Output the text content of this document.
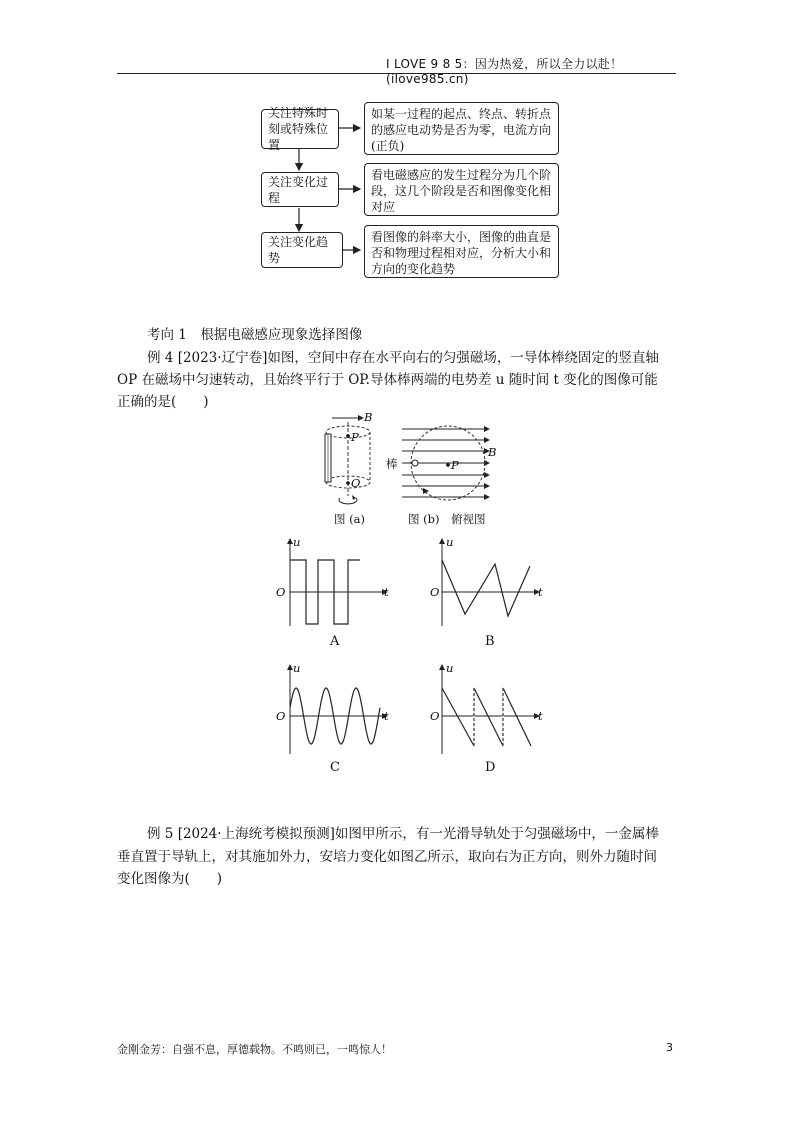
I LOVE 9 8 5：因为热爱，所以全力以赴！(ilove985.cn)
关注特殊时刻或特殊位置
如某一过程的起点、终点、转折点的感应电动势是否为零，电流方向(正负)
关注变化过程
看电磁感应的发生过程分为几个阶段，这几个阶段是否和图像变化相对应
关注变化趋势
看图像的斜率大小，图像的曲直是否和物理过程相对应，分析大小和方向的变化趋势
考向 1　根据电磁感应现象选择图像
例 4 [2023·辽宁卷]如图，空间中存在水平向右的匀强磁场，一导体棒绕固定的竖直轴
OP 在磁场中匀速转动，且始终平行于 OP.导体棒两端的电势差 u 随时间 t 变化的图像可能
正确的是(　　)
B
P
O
图 (a)
棒
B
P
图 (b)　俯视图
u
O	t
A
u
O	t
B
u
O	t
C
u
O	t
D
例 5 [2024·上海统考模拟预测]如图甲所示，有一光滑导轨处于匀强磁场中，一金属棒
垂直置于导轨上，对其施加外力，安培力变化如图乙所示，取向右为正方向，则外力随时间
变化图像为(　　)
金刚金芳：自强不息，厚德载物。不鸣则已，一鸣惊人！	3
